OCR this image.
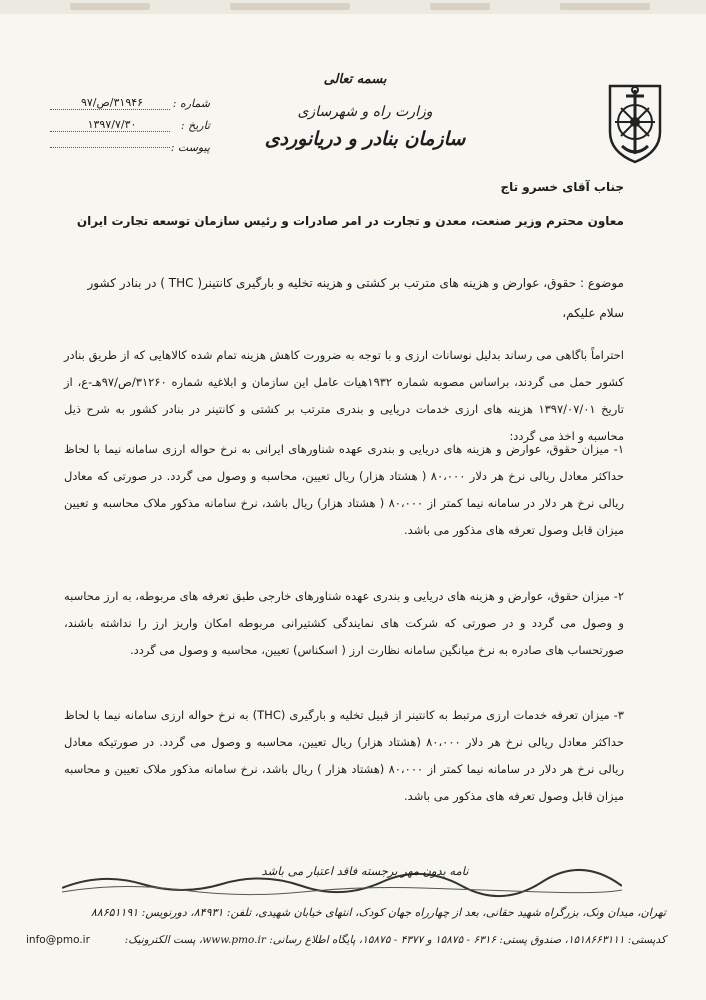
بسمه تعالی
وزارت راه و شهرسازی
سازمان بنادر و دریانوردی
شماره :
۳۱۹۴۶/ص/۹۷
تاریخ :
۱۳۹۷/۷/۳۰
پیوست :
جناب آقای خسرو تاج
معاون محترم وزیر صنعت، معدن و تجارت در امر صادرات و رئیس سازمان توسعه تجارت ایران
موضوع : حقوق، عوارض و هزینه های مترتب بر کشتی و هزینه تخلیه و بارگیری کانتینر( THC ) در بنادر کشور
سلام علیکم،
احتراماً باگاهی می رساند بدلیل نوسانات ارزی و با توجه به ضرورت کاهش هزینه تمام شده کالاهایی که از طریق بنادر کشور حمل می گردند، براساس مصوبه شماره ۱۹۳۲هیات عامل این سازمان و ابلاغیه شماره ۳۱۲۶۰/ص/۹۷هـ-ع، از تاریخ ۱۳۹۷/۰۷/۰۱ هزینه های ارزی خدمات دریایی و بندری مترتب بر کشتی و کانتینر در بنادر کشور به شرح ذیل محاسبه و اخذ می گردد:
۱- میزان حقوق، عوارض و هزینه های دریایی و بندری عهده شناورهای ایرانی به نرخ حواله ارزی سامانه نیما با لحاظ حداکثر معادل ریالی نرخ هر دلار ۸۰،۰۰۰ ( هشتاد هزار) ریال تعیین، محاسبه و وصول می گردد. در صورتی که معادل ریالی نرخ هر دلار در سامانه نیما کمتر از ۸۰،۰۰۰ ( هشتاد هزار) ریال باشد، نرخ سامانه مذکور ملاک محاسبه و تعیین میزان قابل وصول تعرفه های مذکور می باشد.
۲- میزان حقوق، عوارض و هزینه های دریایی و بندری عهده شناورهای خارجی طبق تعرفه های مربوطه، به ارز محاسبه و وصول می گردد و در صورتی که شرکت های نمایندگی کشتیرانی مربوطه امکان واریز ارز را نداشته باشند، صورتحساب های صادره به نرخ میانگین سامانه نظارت ارز ( اسکناس) تعیین، محاسبه و وصول می گردد.
۳- میزان تعرفه خدمات ارزی مرتبط به کانتینر از قبیل تخلیه و بارگیری (THC) به نرخ حواله ارزی سامانه نیما با لحاظ حداکثر معادل ریالی نرخ هر دلار ۸۰،۰۰۰ (هشتاد هزار) ریال تعیین، محاسبه و وصول می گردد. در صورتیکه معادل ریالی نرخ هر دلار در سامانه نیما کمتر از ۸۰،۰۰۰ (هشتاد هزار ) ریال باشد، نرخ سامانه مذکور ملاک تعیین و محاسبه میزان قابل وصول تعرفه های مذکور می باشد.
نامه بدون مهر برجسته فاقد اعتبار می باشد
تهران، میدان ونک، بزرگراه شهید حقانی، بعد از چهارراه جهان کودک، انتهای خیابان شهیدی، تلفن: ۸۴۹۳۱، دورنویس: ۸۸۶۵۱۱۹۱
کدپستی: ۱۵۱۸۶۶۳۱۱۱، صندوق پستی: ۶۳۱۶ - ۱۵۸۷۵ و ۴۳۷۷ - ۱۵۸۷۵، پایگاه اطلاع رسانی: www.pmo.ir، پست الکترونیک:
info@pmo.ir
